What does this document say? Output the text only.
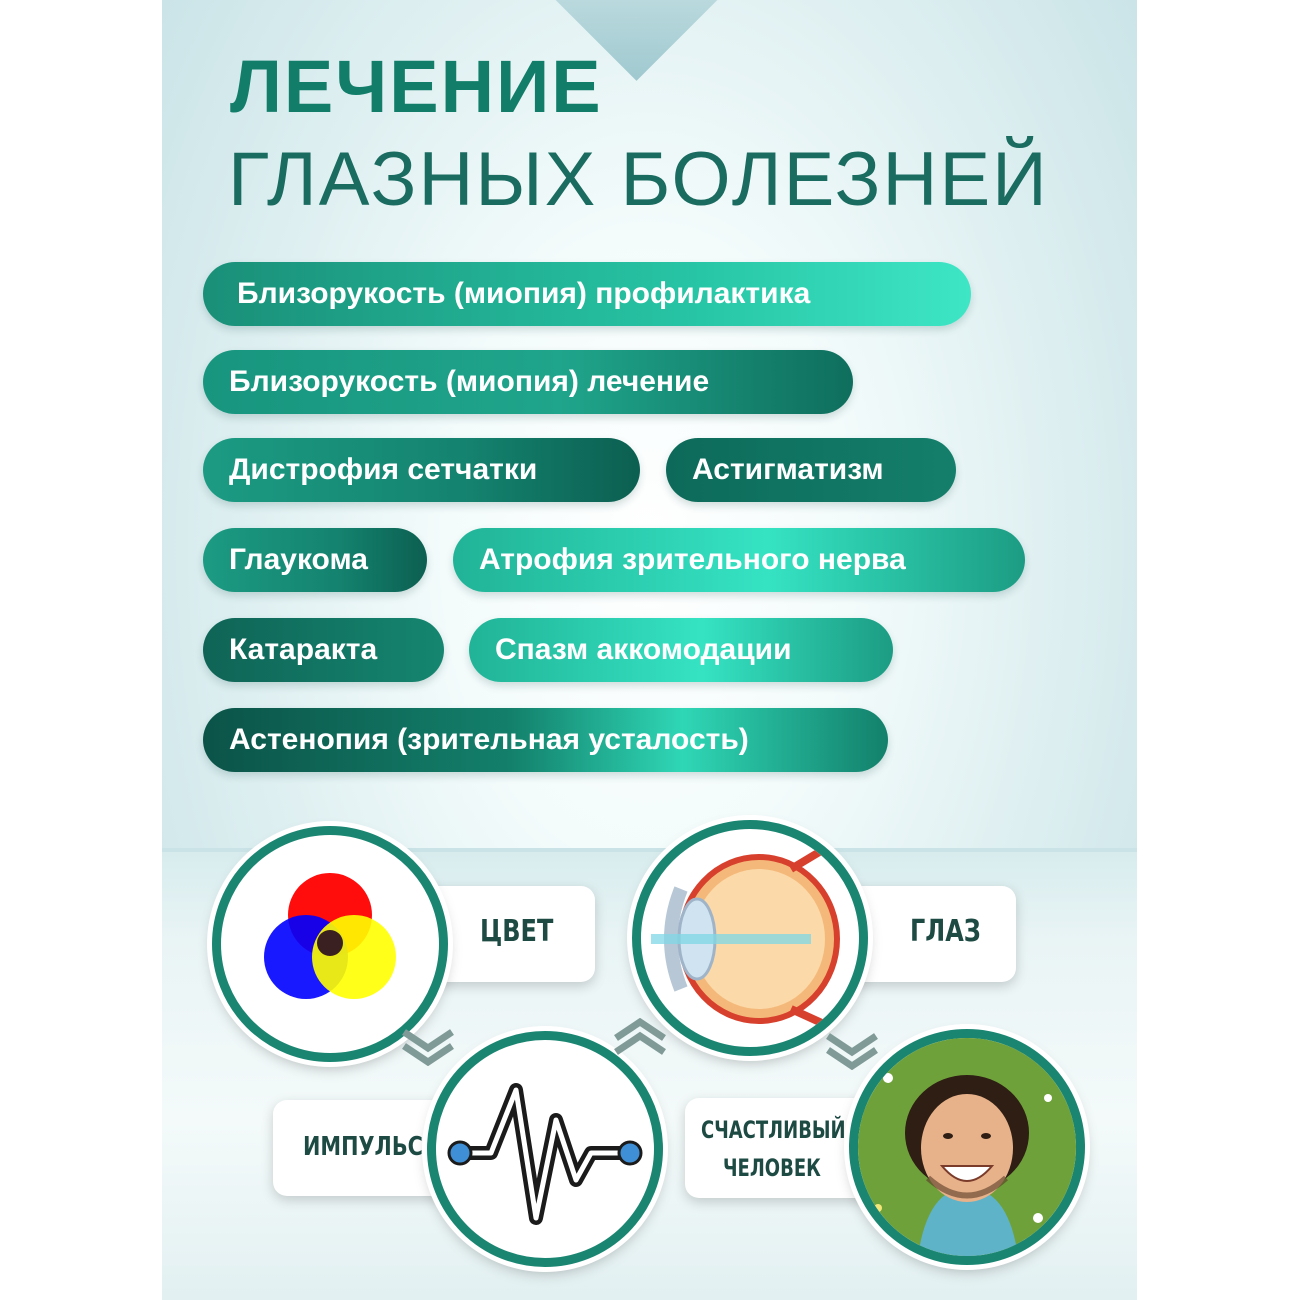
ЛЕЧЕНИЕ
ГЛАЗНЫХ БОЛЕЗНЕЙ
Близорукость (миопия) профилактика
Близорукость (миопия) лечение
Дистрофия сетчатки	Астигматизм
Глаукома	Атрофия зрительного нерва
Катаракта	Спазм аккомодации
Астенопия (зрительная усталость)
ЦВЕТ	ГЛАЗ
ИМПУЛЬС
СЧАСТЛИВЫЙ
ЧЕЛОВЕК
